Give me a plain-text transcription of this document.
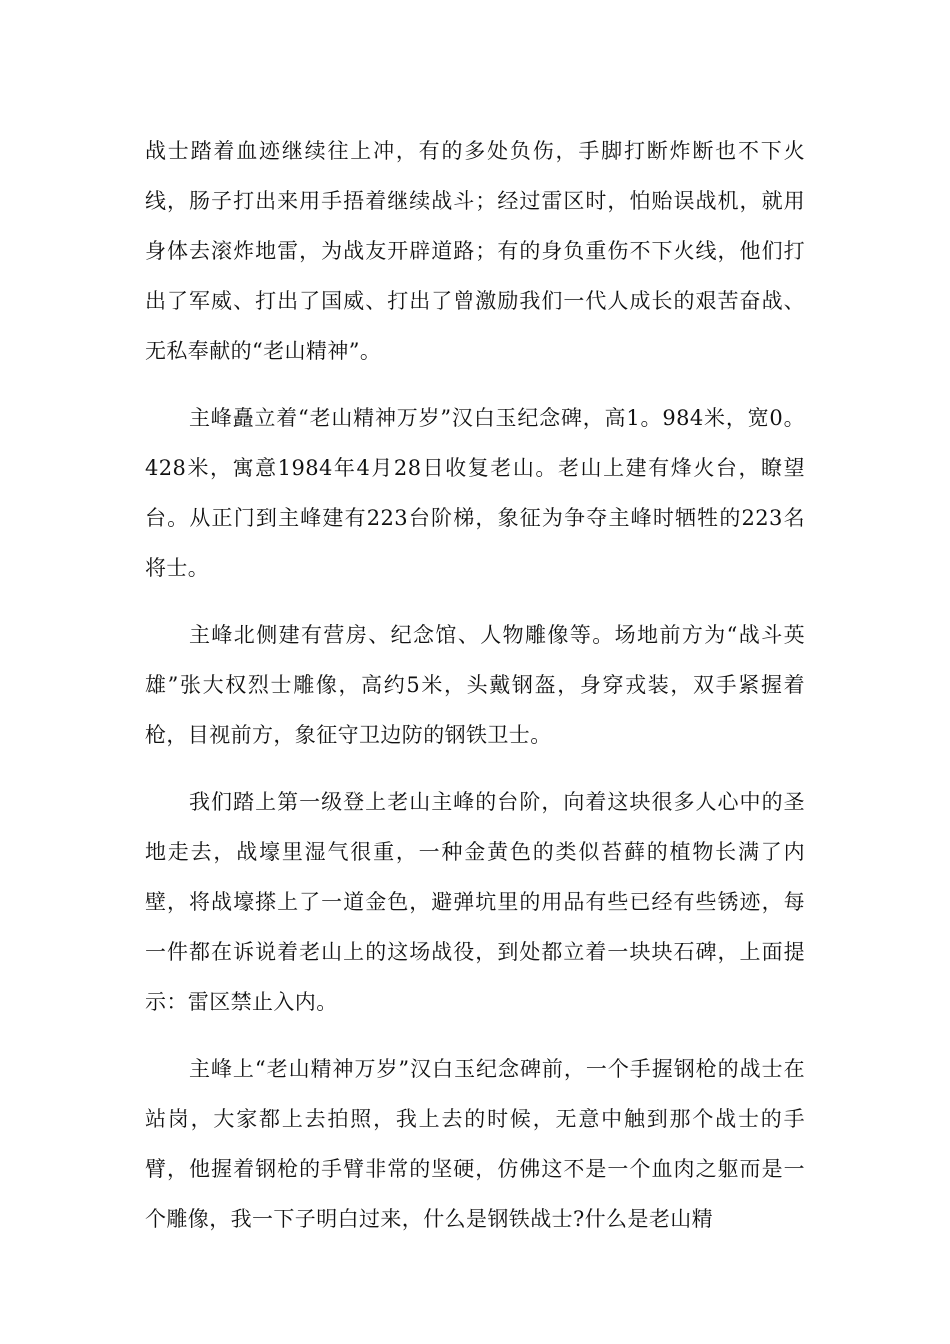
战士踏着血迹继续往上冲，有的多处负伤，手脚打断炸断也不下火线，肠子打出来用手捂着继续战斗；经过雷区时，怕贻误战机，就用身体去滚炸地雷，为战友开辟道路；有的身负重伤不下火线，他们打出了军威、打出了国威、打出了曾激励我们一代人成长的艰苦奋战、无私奉献的“老山精神”。

主峰矗立着“老山精神万岁”汉白玉纪念碑，高1。984米，宽0。428米，寓意1984年4月28日收复老山。老山上建有烽火台，瞭望台。从正门到主峰建有223台阶梯，象征为争夺主峰时牺牲的223名将士。

主峰北侧建有营房、纪念馆、人物雕像等。场地前方为“战斗英雄”张大权烈士雕像，高约5米，头戴钢盔，身穿戎装，双手紧握着枪，目视前方，象征守卫边防的钢铁卫士。

我们踏上第一级登上老山主峰的台阶，向着这块很多人心中的圣地走去，战壕里湿气很重，一种金黄色的类似苔藓的植物长满了内壁，将战壕搽上了一道金色，避弹坑里的用品有些已经有些锈迹，每一件都在诉说着老山上的这场战役，到处都立着一块块石碑，上面提示：雷区禁止入内。

主峰上“老山精神万岁”汉白玉纪念碑前，一个手握钢枪的战士在站岗，大家都上去拍照，我上去的时候，无意中触到那个战士的手臂，他握着钢枪的手臂非常的坚硬，仿佛这不是一个血肉之躯而是一个雕像，我一下子明白过来，什么是钢铁战士?什么是老山精
